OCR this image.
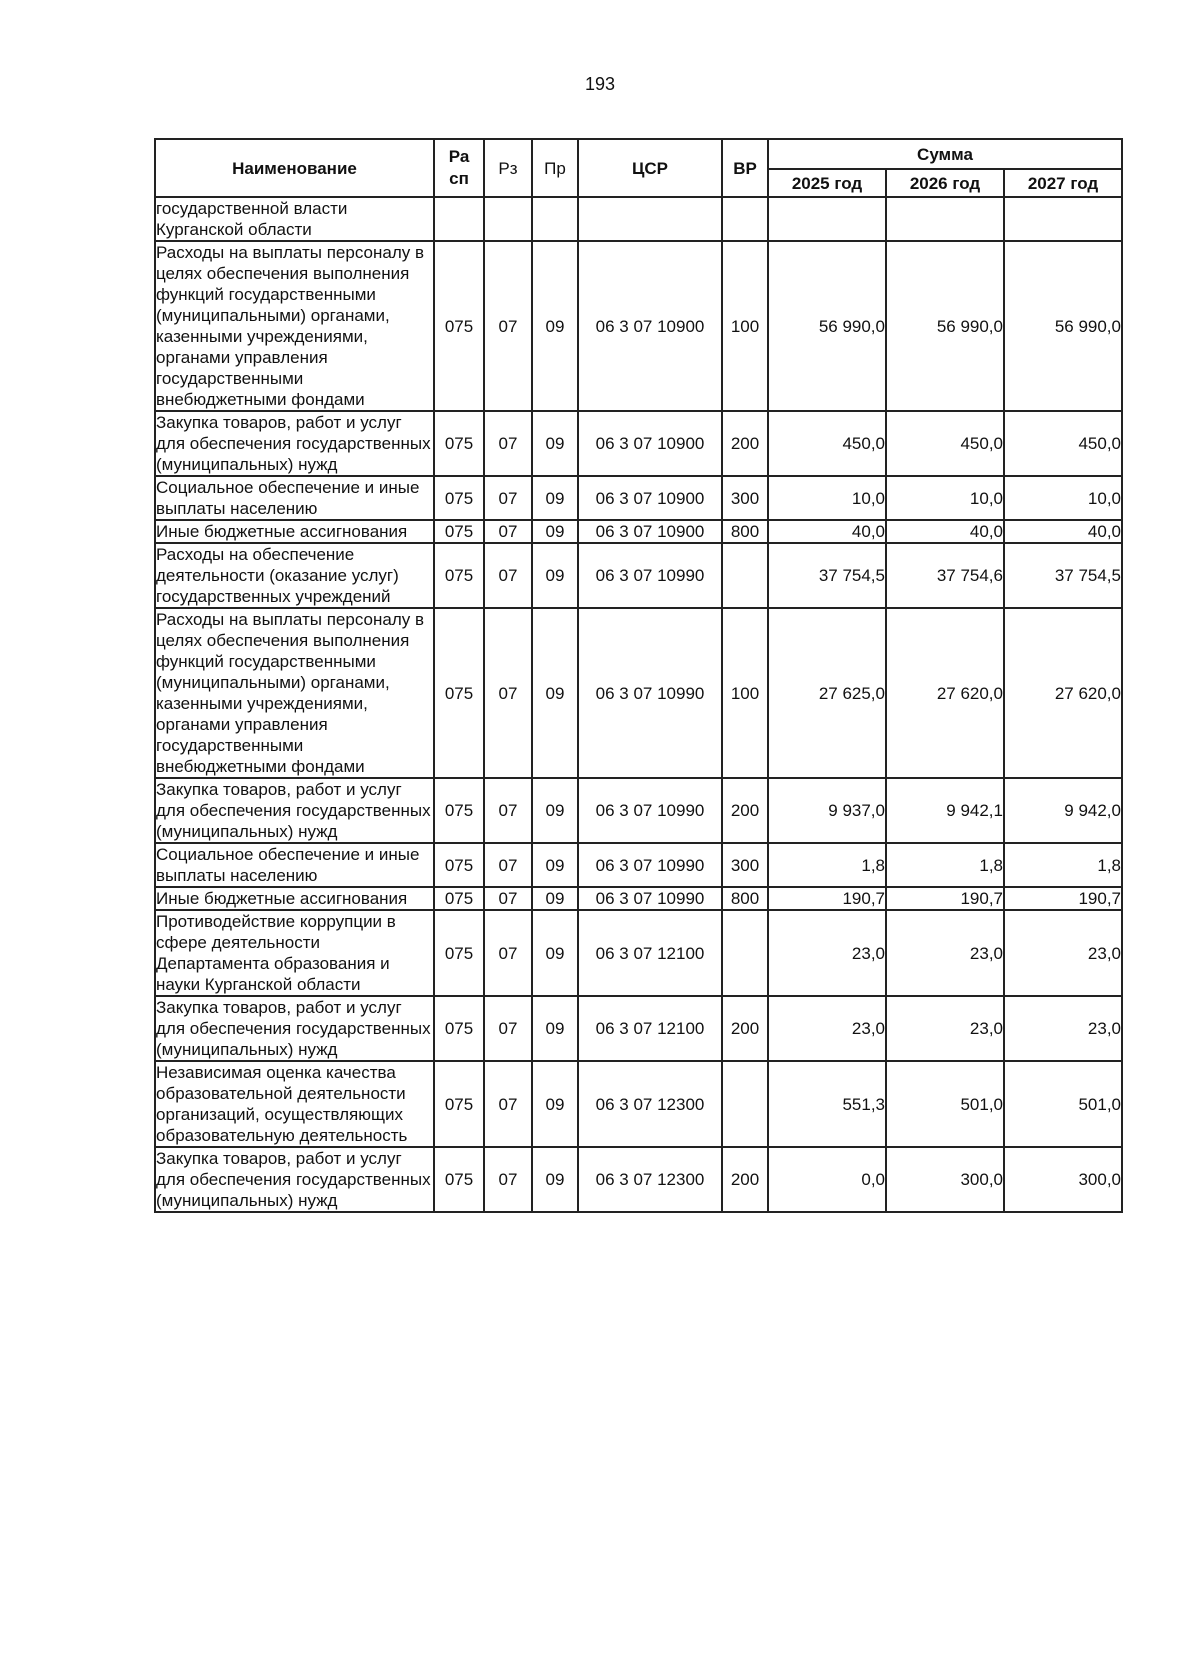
193
Наименование	Ра сп	Рз	Пр	ЦСР	ВР	Сумма		
						2025 год	2026 год	2027 год
государственной власти Курганской области								
Расходы на выплаты персоналу в целях обеспечения выполнения функций государственными (муниципальными) органами, казенными учреждениями, органами управления государственными внебюджетными фондами	075	07	09	06 3 07 10900	100	56 990,0	56 990,0	56 990,0
Закупка товаров, работ и услуг для обеспечения государственных (муниципальных) нужд	075	07	09	06 3 07 10900	200	450,0	450,0	450,0
Социальное обеспечение и иные выплаты населению	075	07	09	06 3 07 10900	300	10,0	10,0	10,0
Иные бюджетные ассигнования	075	07	09	06 3 07 10900	800	40,0	40,0	40,0
Расходы на обеспечение деятельности (оказание услуг) государственных учреждений	075	07	09	06 3 07 10990		37 754,5	37 754,6	37 754,5
Расходы на выплаты персоналу в целях обеспечения выполнения функций государственными (муниципальными) органами, казенными учреждениями, органами управления государственными внебюджетными фондами	075	07	09	06 3 07 10990	100	27 625,0	27 620,0	27 620,0
Закупка товаров, работ и услуг для обеспечения государственных (муниципальных) нужд	075	07	09	06 3 07 10990	200	9 937,0	9 942,1	9 942,0
Социальное обеспечение и иные выплаты населению	075	07	09	06 3 07 10990	300	1,8	1,8	1,8
Иные бюджетные ассигнования	075	07	09	06 3 07 10990	800	190,7	190,7	190,7
Противодействие коррупции в сфере деятельности Департамента образования и науки Курганской области	075	07	09	06 3 07 12100		23,0	23,0	23,0
Закупка товаров, работ и услуг для обеспечения государственных (муниципальных) нужд	075	07	09	06 3 07 12100	200	23,0	23,0	23,0
Независимая оценка качества образовательной деятельности организаций, осуществляющих образовательную деятельность	075	07	09	06 3 07 12300		551,3	501,0	501,0
Закупка товаров, работ и услуг для обеспечения государственных (муниципальных) нужд	075	07	09	06 3 07 12300	200	0,0	300,0	300,0
